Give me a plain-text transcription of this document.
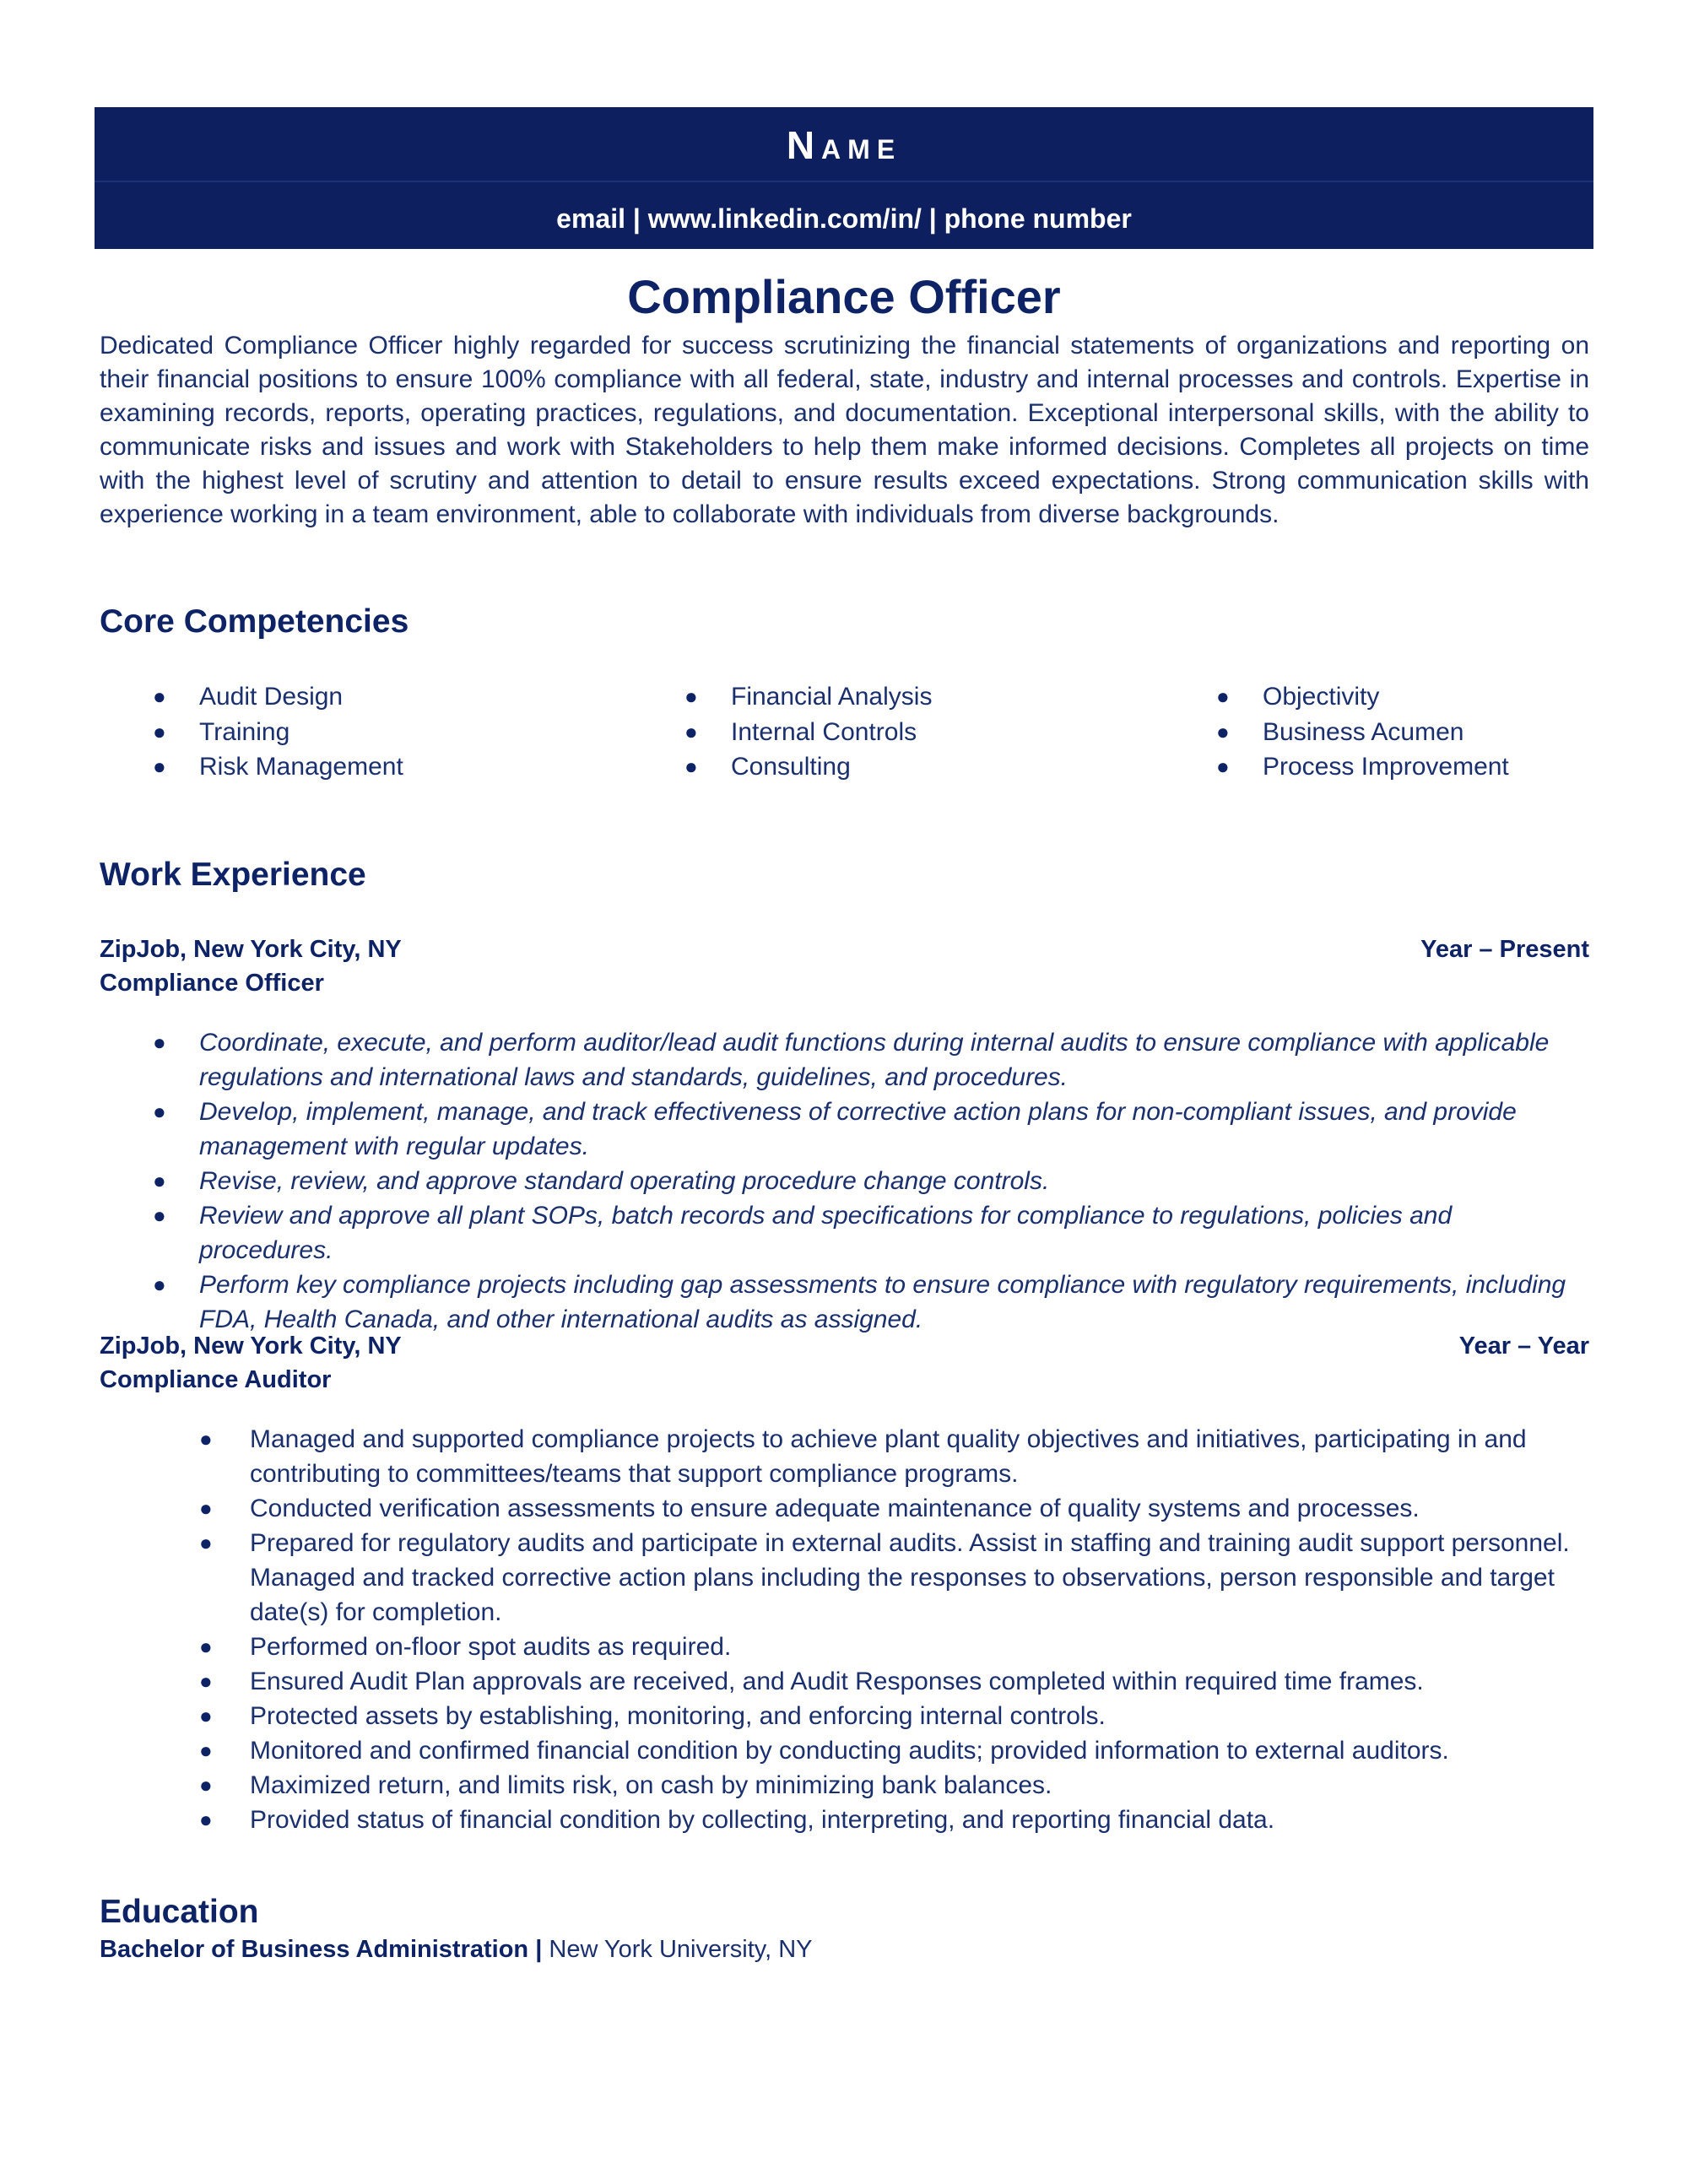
Name
email | www.linkedin.com/in/ | phone number
Compliance Officer
Dedicated Compliance Officer highly regarded for success scrutinizing the financial statements of organizations and reporting on their financial positions to ensure 100% compliance with all federal, state, industry and internal processes and controls. Expertise in examining records, reports, operating practices, regulations, and documentation. Exceptional interpersonal skills, with the ability to communicate risks and issues and work with Stakeholders to help them make informed decisions. Completes all projects on time with the highest level of scrutiny and attention to detail to ensure results exceed expectations. Strong communication skills with experience working in a team environment, able to collaborate with individuals from diverse backgrounds.
Core Competencies
● Audit Design
● Training
● Risk Management
● Financial Analysis
● Internal Controls
● Consulting
● Objectivity
● Business Acumen
● Process Improvement
Work Experience
ZipJob, New York City, NY	Year – Present
Compliance Officer
● Coordinate, execute, and perform auditor/lead audit functions during internal audits to ensure compliance with applicable regulations and international laws and standards, guidelines, and procedures.
● Develop, implement, manage, and track effectiveness of corrective action plans for non-compliant issues, and provide management with regular updates.
● Revise, review, and approve standard operating procedure change controls.
● Review and approve all plant SOPs, batch records and specifications for compliance to regulations, policies and procedures.
● Perform key compliance projects including gap assessments to ensure compliance with regulatory requirements, including FDA, Health Canada, and other international audits as assigned.
ZipJob, New York City, NY	Year – Year
Compliance Auditor
● Managed and supported compliance projects to achieve plant quality objectives and initiatives, participating in and contributing to committees/teams that support compliance programs.
● Conducted verification assessments to ensure adequate maintenance of quality systems and processes.
● Prepared for regulatory audits and participate in external audits. Assist in staffing and training audit support personnel. Managed and tracked corrective action plans including the responses to observations, person responsible and target date(s) for completion.
● Performed on-floor spot audits as required.
● Ensured Audit Plan approvals are received, and Audit Responses completed within required time frames.
● Protected assets by establishing, monitoring, and enforcing internal controls.
● Monitored and confirmed financial condition by conducting audits; provided information to external auditors.
● Maximized return, and limits risk, on cash by minimizing bank balances.
● Provided status of financial condition by collecting, interpreting, and reporting financial data.
Education
Bachelor of Business Administration | New York University, NY
